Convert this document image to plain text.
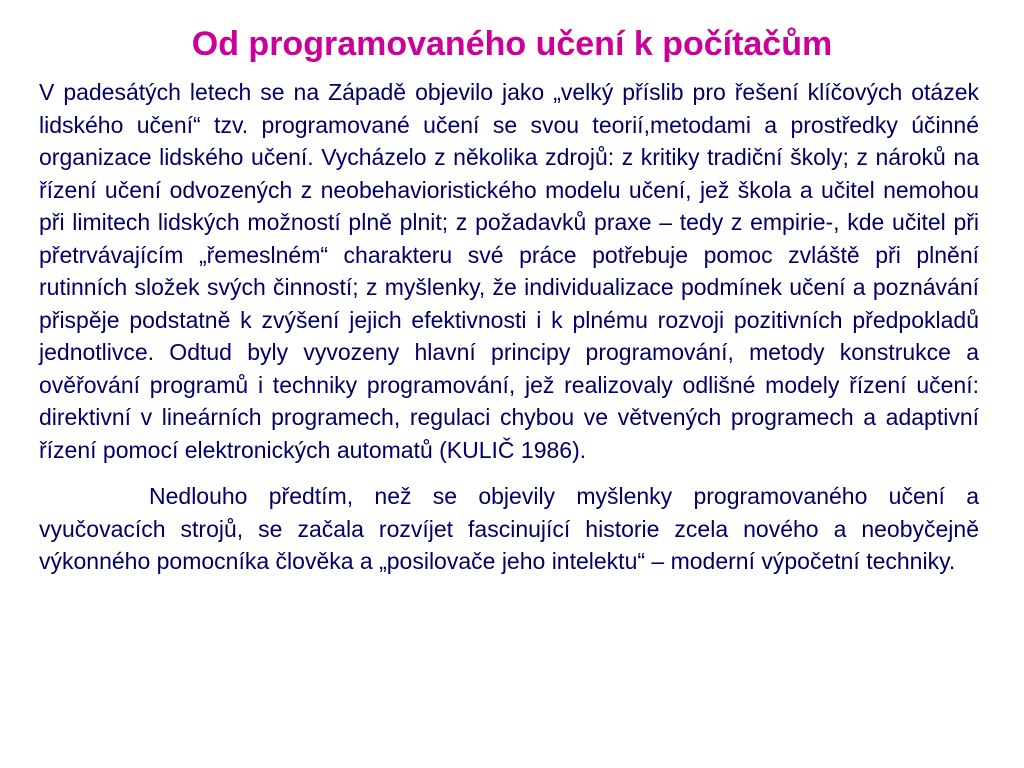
Od programovaného učení k počítačům

V padesátých letech se na Západě objevilo jako „velký příslib pro řešení klíčových otázek lidského učení“ tzv. programované učení se svou teorií,metodami a prostředky účinné organizace lidského učení. Vycházelo z několika zdrojů: z kritiky tradiční školy; z nároků na řízení učení odvozených z neobehavioristického modelu učení, jež škola a učitel nemohou při limitech lidských možností plně plnit; z požadavků praxe – tedy z empirie-, kde učitel při přetrvávajícím „řemeslném“ charakteru své práce potřebuje pomoc zvláště při plnění rutinních složek svých činností; z myšlenky, že individualizace podmínek učení a poznávání přispěje podstatně k zvýšení jejich efektivnosti i k plnému rozvoji pozitivních předpokladů jednotlivce. Odtud byly vyvozeny hlavní principy programování, metody konstrukce a ověřování programů i techniky programování, jež realizovaly odlišné modely řízení učení: direktivní v lineárních programech, regulaci chybou ve větvených programech a adaptivní řízení pomocí elektronických automatů (KULIČ 1986).

Nedlouho předtím, než se objevily myšlenky programovaného učení a vyučovacích strojů, se začala rozvíjet fascinující historie zcela nového a neobyčejně výkonného pomocníka člověka a „posilovače jeho intelektu“ – moderní výpočetní techniky.
